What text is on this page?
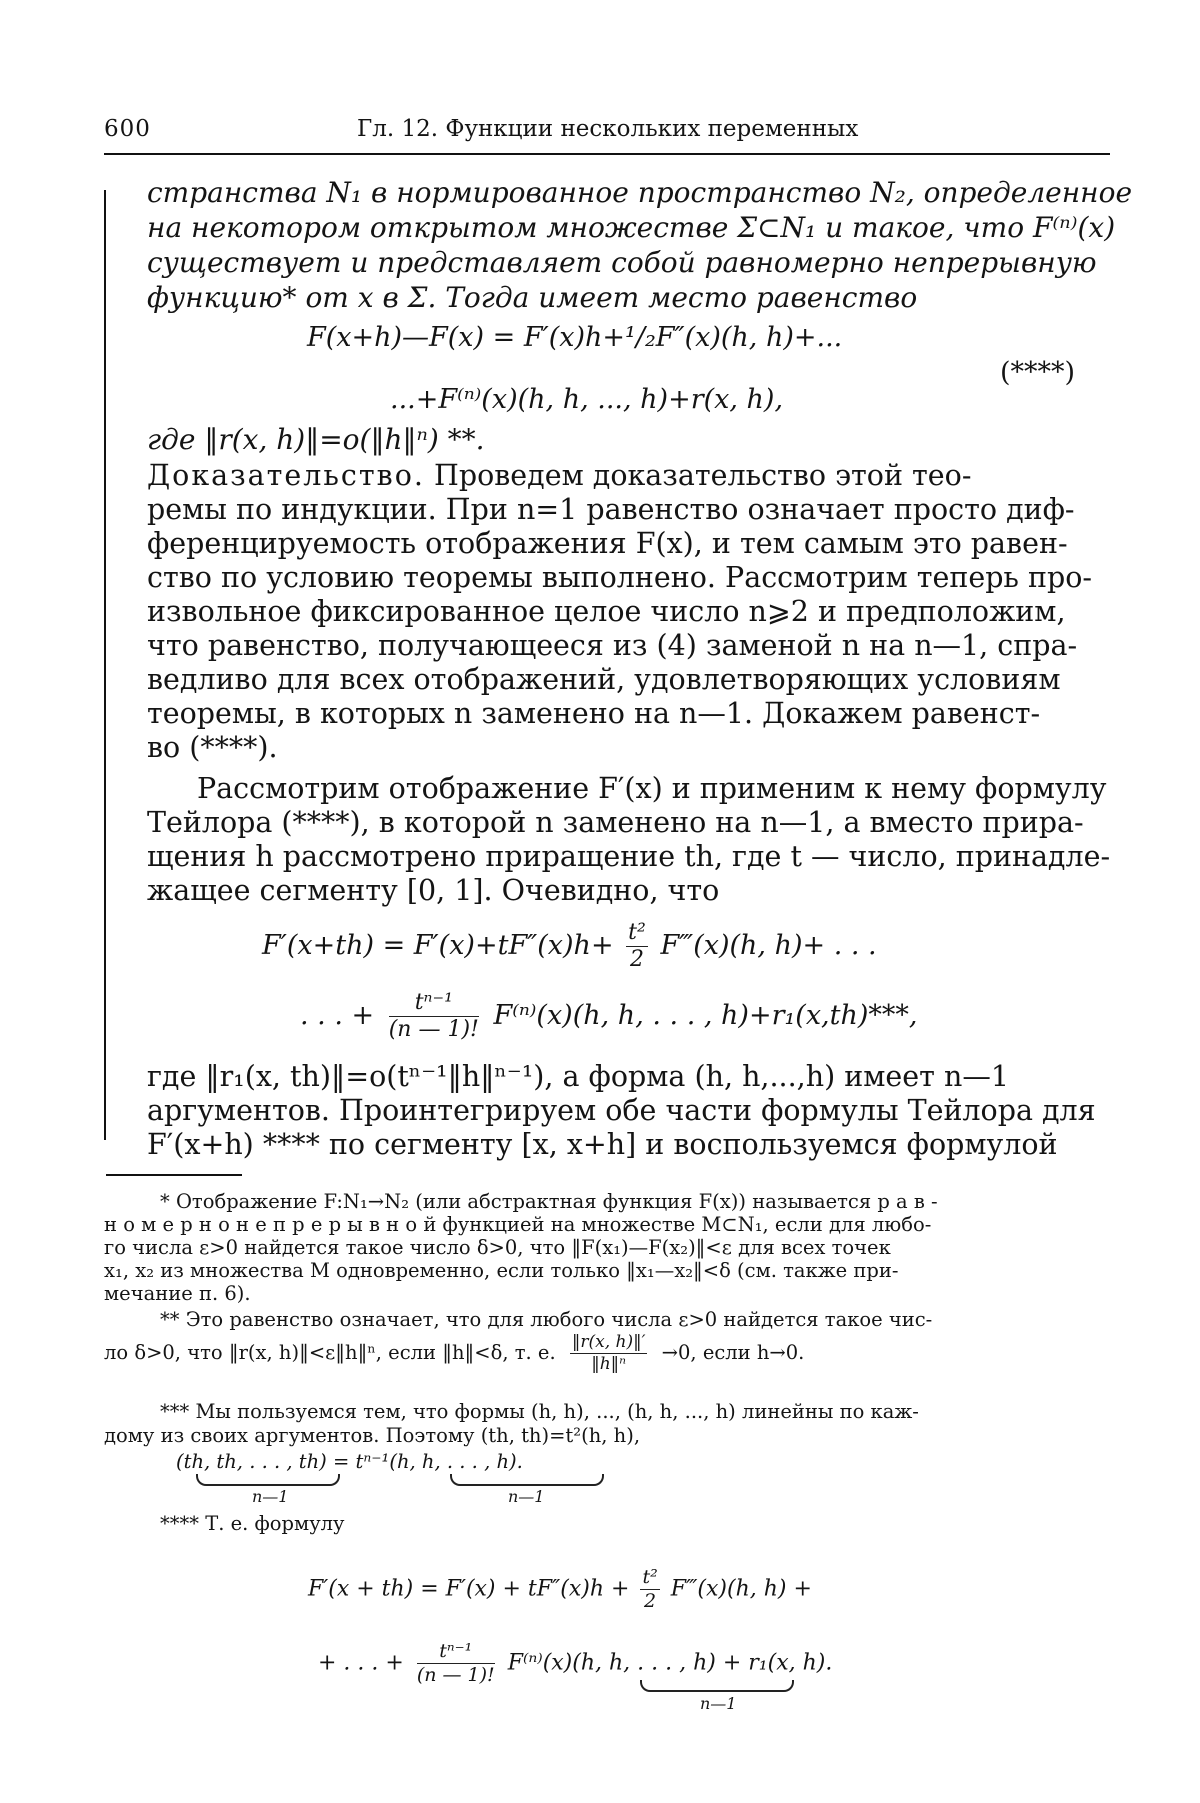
600	Гл. 12. Функции нескольких переменных
странства N₁ в нормированное пространство N₂, определенное
на некотором открытом множестве Σ⊂N₁ и такое, что F⁽ⁿ⁾(x)
существует и представляет собой равномерно непрерывную
функцию* от x в Σ. Тогда имеет место равенство
F(x+h)—F(x) = F′(x)h+¹/₂F″(x)(h, h)+...
(****)
...+F⁽ⁿ⁾(x)(h, h, ..., h)+r(x, h),
где ‖r(x, h)‖=o(‖h‖ⁿ) **.
Доказательство. Проведем доказательство этой тео-
ремы по индукции. При n=1 равенство означает просто диф-
ференцируемость отображения F(x), и тем самым это равен-
ство по условию теоремы выполнено. Рассмотрим теперь про-
извольное фиксированное целое число n⩾2 и предположим,
что равенство, получающееся из (4) заменой n на n—1, спра-
ведливо для всех отображений, удовлетворяющих условиям
теоремы, в которых n заменено на n—1. Докажем равенст-
во (****).
Рассмотрим отображение F′(x) и применим к нему формулу
Тейлора (****), в которой n заменено на n—1, а вместо прира-
щения h рассмотрено приращение th, где t — число, принадле-
жащее сегменту [0, 1]. Очевидно, что
$F'(x+th) = F'(x)+tF''(x)h+ \frac{\text{t²}}{2}$ F‴(x)(h, h)+ . . .
. . . + $\frac{\text{tⁿ⁻¹}}{(n — 1)!} F^{(n)}(x)(h$, h, . . . , h)+r₁(x,th)***,
где ‖r₁(x, th)‖=o(tⁿ⁻¹‖h‖ⁿ⁻¹), а форма (h, h,...,h) имеет n—1
аргументов. Проинтегрируем обе части формулы Тейлора для
F′(x+h) **** по сегменту [x, x+h] и воспользуемся формулой
* Отображение F:N₁→N₂ (или абстрактная функция F(x)) называется р а в -
н о м е р н о н е п р е р ы в н о й функцией на множестве M⊂N₁, если для любо-
го числа ε>0 найдется такое число δ>0, что ‖F(x₁)—F(x₂)‖<ε для всех точек
x₁, x₂ из множества M одновременно, если только ‖x₁—x₂‖<δ (см. также при-
мечание п. 6).
** Это равенство означает, что для любого числа ε>0 найдется такое чис-
ло δ>0, что ‖r(x, h)‖<ε‖h‖ⁿ, если ‖h‖<δ, т. е. $\frac{‖r(x, h)‖'}{\text{‖h‖ⁿ}} \to 0$, если h→0.
*** Мы пользуемся тем, что формы (h, h), ..., (h, h, ..., h) линейны по каж-
дому из своих аргументов. Поэтому (th, th)=t²(h, h),
(th, th, . . . , th) = tⁿ⁻¹(h, h, . . . , h).
n—1	n—1
**** Т. е. формулу
$F'(x + th) = F'(x) + tF''(x)h + \frac{\text{t²}}{2}$ F‴(x)(h, h) +
+ . . . + $\frac{\text{tⁿ⁻¹}}{(n — 1)!} F^{(n)}(x)(h$, h, . . . , h) + r₁(x, h).
n—1
